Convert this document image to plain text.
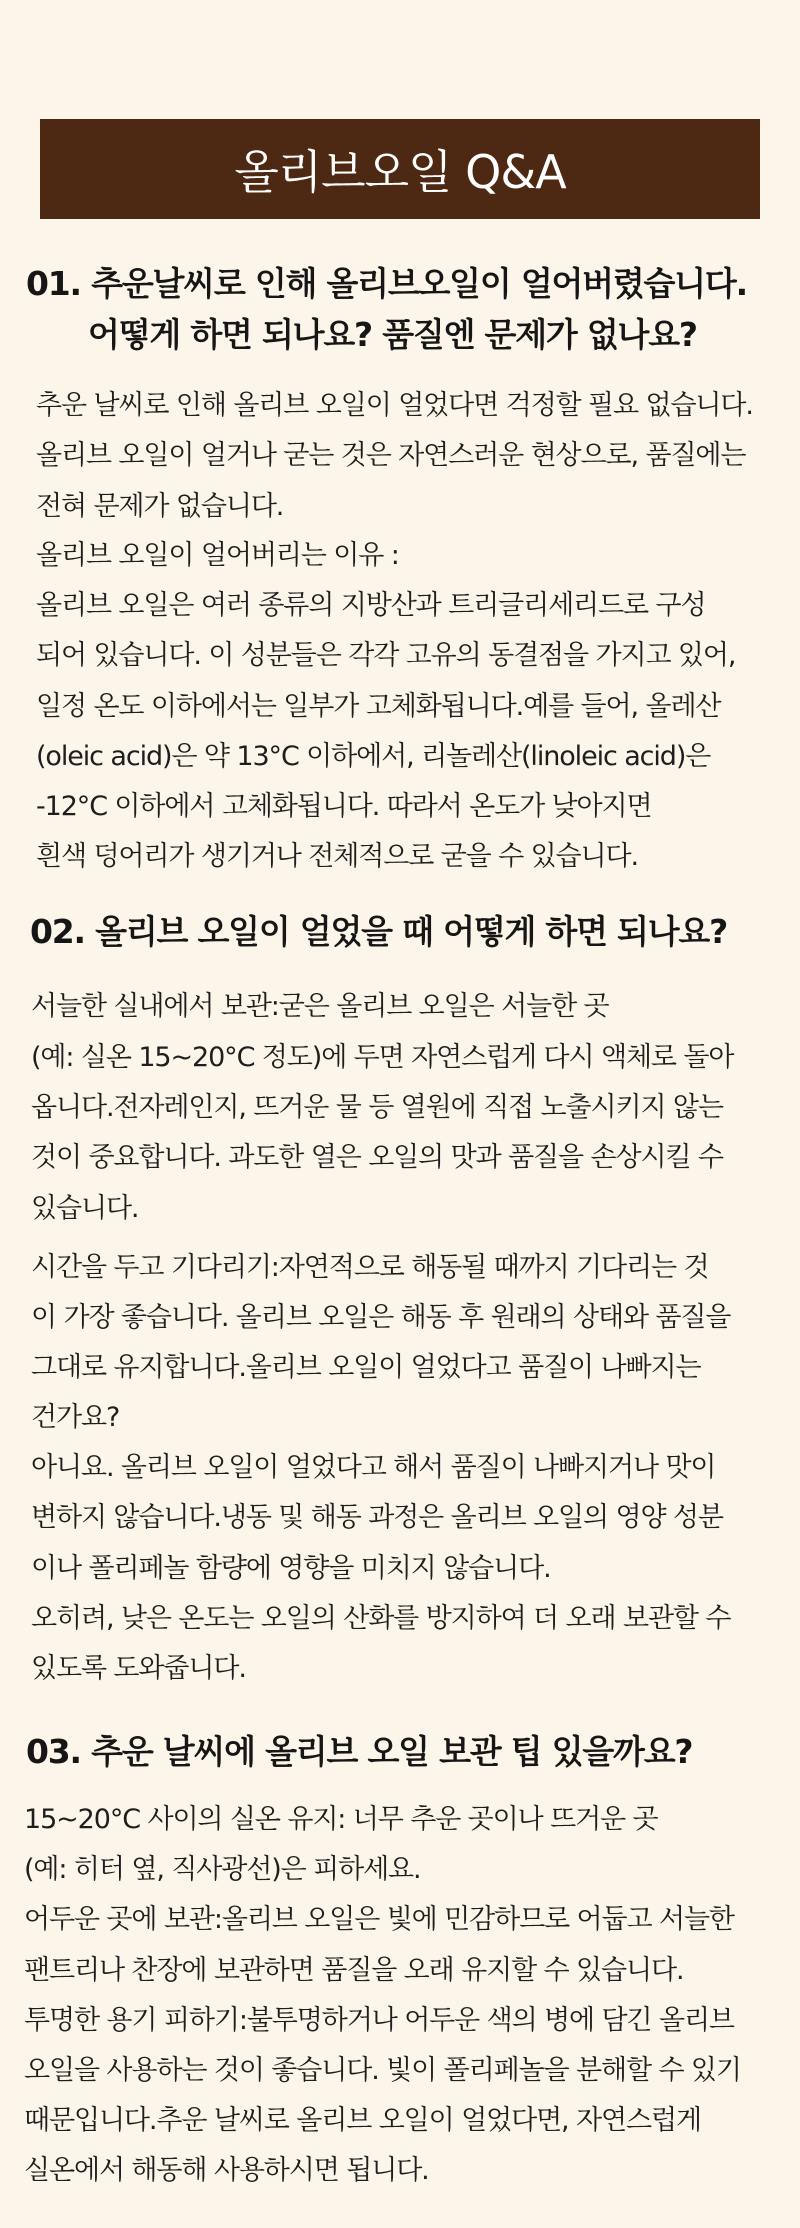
올리브오일 Q&A
01. 추운날씨로 인해 올리브오일이 얼어버렸습니다.
어떻게 하면 되나요? 품질엔 문제가 없나요?
추운 날씨로 인해 올리브 오일이 얼었다면 걱정할 필요 없습니다.
올리브 오일이 얼거나 굳는 것은 자연스러운 현상으로, 품질에는
전혀 문제가 없습니다.
올리브 오일이 얼어버리는 이유 :
올리브 오일은 여러 종류의 지방산과 트리글리세리드로 구성
되어 있습니다. 이 성분들은 각각 고유의 동결점을 가지고 있어,
일정 온도 이하에서는 일부가 고체화됩니다.예를 들어, 올레산
(oleic acid)은 약 13°C 이하에서, 리놀레산(linoleic acid)은
-12°C 이하에서 고체화됩니다. 따라서 온도가 낮아지면
흰색 덩어리가 생기거나 전체적으로 굳을 수 있습니다.
02. 올리브 오일이 얼었을 때 어떻게 하면 되나요?
서늘한 실내에서 보관:굳은 올리브 오일은 서늘한 곳
(예: 실온 15~20°C 정도)에 두면 자연스럽게 다시 액체로 돌아
옵니다.전자레인지, 뜨거운 물 등 열원에 직접 노출시키지 않는
것이 중요합니다. 과도한 열은 오일의 맛과 품질을 손상시킬 수
있습니다.
시간을 두고 기다리기:자연적으로 해동될 때까지 기다리는 것
이 가장 좋습니다. 올리브 오일은 해동 후 원래의 상태와 품질을
그대로 유지합니다.올리브 오일이 얼었다고 품질이 나빠지는
건가요?
아니요. 올리브 오일이 얼었다고 해서 품질이 나빠지거나 맛이
변하지 않습니다.냉동 및 해동 과정은 올리브 오일의 영양 성분
이나 폴리페놀 함량에 영향을 미치지 않습니다.
오히려, 낮은 온도는 오일의 산화를 방지하여 더 오래 보관할 수
있도록 도와줍니다.
03. 추운 날씨에 올리브 오일 보관 팁 있을까요?
15~20°C 사이의 실온 유지: 너무 추운 곳이나 뜨거운 곳
(예: 히터 옆, 직사광선)은 피하세요.
어두운 곳에 보관:올리브 오일은 빛에 민감하므로 어둡고 서늘한
팬트리나 찬장에 보관하면 품질을 오래 유지할 수 있습니다.
투명한 용기 피하기:불투명하거나 어두운 색의 병에 담긴 올리브
오일을 사용하는 것이 좋습니다. 빛이 폴리페놀을 분해할 수 있기
때문입니다.추운 날씨로 올리브 오일이 얼었다면, 자연스럽게
실온에서 해동해 사용하시면 됩니다.
